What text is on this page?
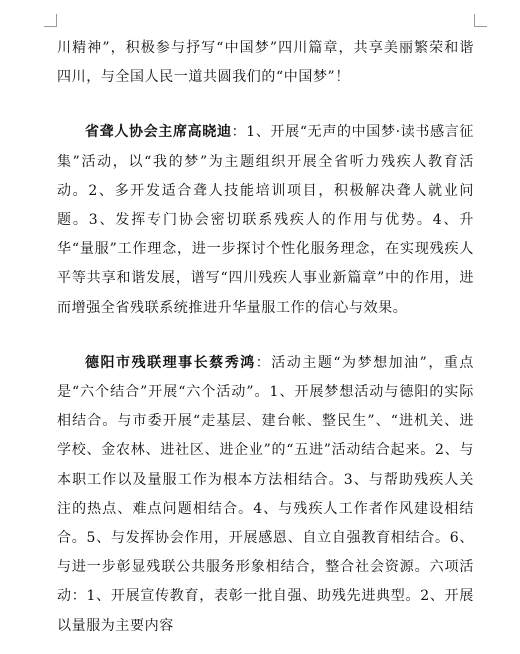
川精神”，积极参与抒写“中国梦”四川篇章，共享美丽繁荣和谐四川，与全国人民一道共圆我们的“中国梦”！

省聋人协会主席高晓迪：1、开展“无声的中国梦·读书感言征集”活动，以“我的梦”为主题组织开展全省听力残疾人教育活动。2、多开发适合聋人技能培训项目，积极解决聋人就业问题。3、发挥专门协会密切联系残疾人的作用与优势。4、升华“量服”工作理念，进一步探讨个性化服务理念，在实现残疾人平等共享和谐发展，谱写“四川残疾人事业新篇章”中的作用，进而增强全省残联系统推进升华量服工作的信心与效果。

德阳市残联理事长蔡秀鸿：活动主题“为梦想加油”，重点是“六个结合”开展“六个活动”。1、开展梦想活动与德阳的实际相结合。与市委开展“走基层、建台帐、整民生”、“进机关、进学校、金农林、进社区、进企业”的“五进”活动结合起来。2、与本职工作以及量服工作为根本方法相结合。3、与帮助残疾人关注的热点、难点问题相结合。4、与残疾人工作者作风建设相结合。5、与发挥协会作用，开展感恩、自立自强教育相结合。6、与进一步彰显残联公共服务形象相结合，整合社会资源。六项活动：1、开展宣传教育，表彰一批自强、助残先进典型。2、开展以量服为主要内容
